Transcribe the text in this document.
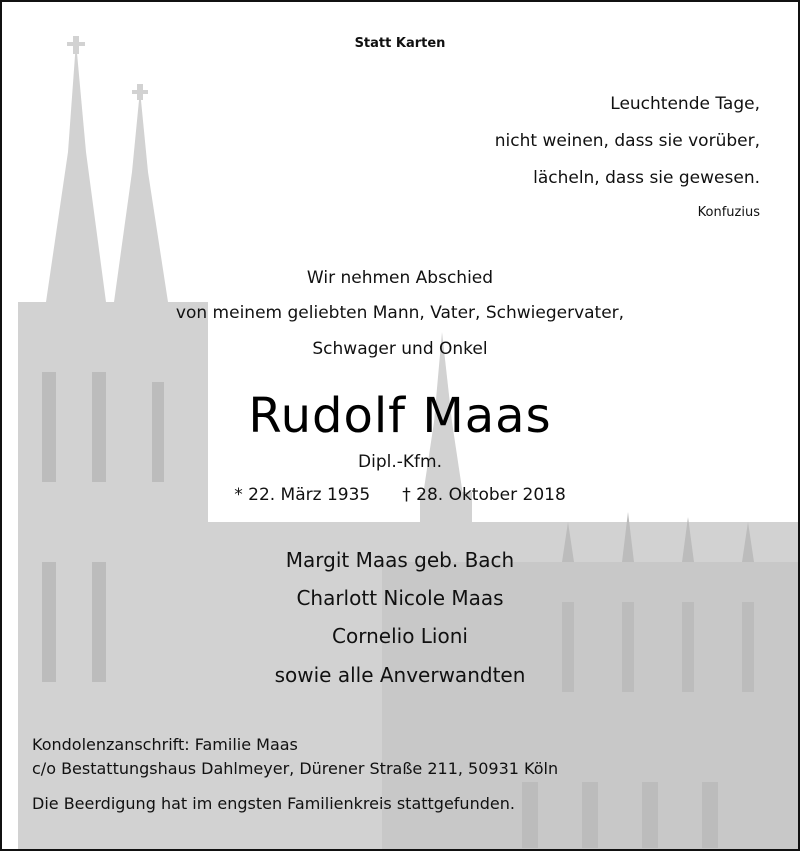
Statt Karten
Leuchtende Tage,
nicht weinen, dass sie vorüber,
lächeln, dass sie gewesen.
Konfuzius
Wir nehmen Abschied
von meinem geliebten Mann, Vater, Schwiegervater,
Schwager und Onkel
Rudolf Maas
Dipl.-Kfm.
* 22. März 1935 † 28. Oktober 2018
Margit Maas geb. Bach
Charlott Nicole Maas
Cornelio Lioni
sowie alle Anverwandten
Kondolenzanschrift: Familie Maas
c/o Bestattungshaus Dahlmeyer, Dürener Straße 211, 50931 Köln
Die Beerdigung hat im engsten Familienkreis stattgefunden.
